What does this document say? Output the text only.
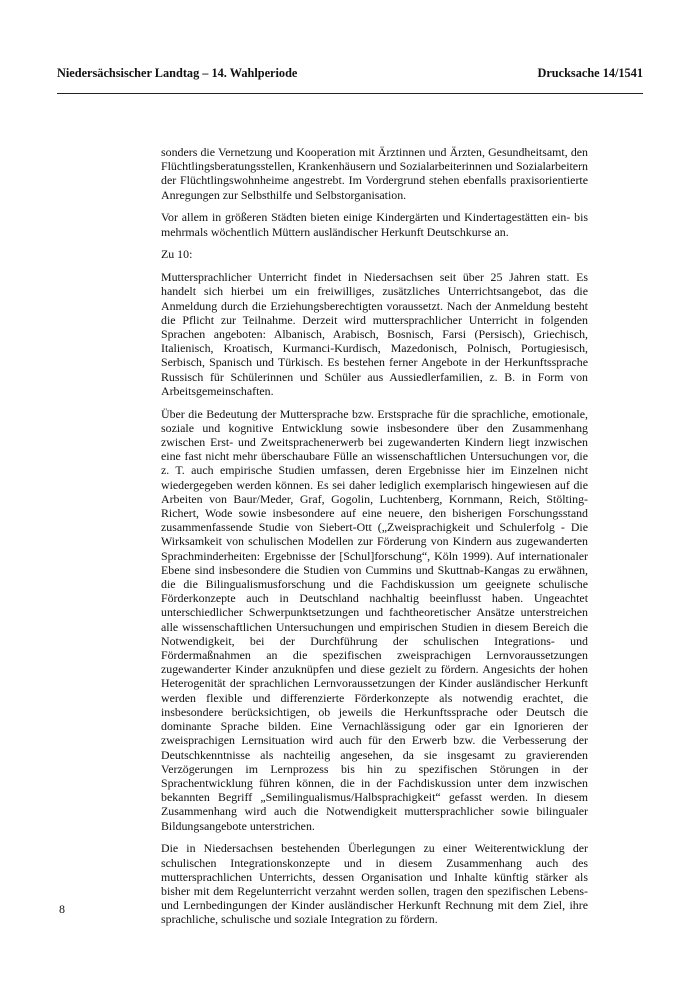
Niedersächsischer Landtag – 14. Wahlperiode	Drucksache 14/1541

sonders die Vernetzung und Kooperation mit Ärztinnen und Ärzten, Gesundheitsamt, den Flüchtlingsberatungsstellen, Krankenhäusern und Sozialarbeiterinnen und Sozialarbeitern der Flüchtlingswohnheime angestrebt. Im Vordergrund stehen ebenfalls praxisorientierte Anregungen zur Selbsthilfe und Selbstorganisation.

Vor allem in größeren Städten bieten einige Kindergärten und Kindertagestätten ein- bis mehrmals wöchentlich Müttern ausländischer Herkunft Deutschkurse an.

Zu 10:

Muttersprachlicher Unterricht findet in Niedersachsen seit über 25 Jahren statt. Es handelt sich hierbei um ein freiwilliges, zusätzliches Unterrichtsangebot, das die Anmeldung durch die Erziehungsberechtigten voraussetzt. Nach der Anmeldung besteht die Pflicht zur Teilnahme. Derzeit wird muttersprachlicher Unterricht in folgenden Sprachen angeboten: Albanisch, Arabisch, Bosnisch, Farsi (Persisch), Griechisch, Italienisch, Kroatisch, Kurmanci-Kurdisch, Mazedonisch, Polnisch, Portugiesisch, Serbisch, Spanisch und Türkisch. Es bestehen ferner Angebote in der Herkunftssprache Russisch für Schülerinnen und Schüler aus Aussiedlerfamilien, z. B. in Form von Arbeitsgemeinschaften.

Über die Bedeutung der Muttersprache bzw. Erstsprache für die sprachliche, emotionale, soziale und kognitive Entwicklung sowie insbesondere über den Zusammenhang zwischen Erst- und Zweitsprachenerwerb bei zugewanderten Kindern liegt inzwischen eine fast nicht mehr überschaubare Fülle an wissenschaftlichen Untersuchungen vor, die z. T. auch empirische Studien umfassen, deren Ergebnisse hier im Einzelnen nicht wiedergegeben werden können. Es sei daher lediglich exemplarisch hingewiesen auf die Arbeiten von Baur/Meder, Graf, Gogolin, Luchtenberg, Kornmann, Reich, Stölting-Richert, Wode sowie insbesondere auf eine neuere, den bisherigen Forschungsstand zusammenfassende Studie von Siebert-Ott („Zweisprachigkeit und Schulerfolg - Die Wirksamkeit von schulischen Modellen zur Förderung von Kindern aus zugewanderten Sprachminderheiten: Ergebnisse der [Schul]forschung“, Köln 1999). Auf internationaler Ebene sind insbesondere die Studien von Cummins und Skuttnab-Kangas zu erwähnen, die die Bilingualismusforschung und die Fachdiskussion um geeignete schulische Förderkonzepte auch in Deutschland nachhaltig beeinflusst haben. Ungeachtet unterschiedlicher Schwerpunktsetzungen und fachtheoretischer Ansätze unterstreichen alle wissenschaftlichen Untersuchungen und empirischen Studien in diesem Bereich die Notwendigkeit, bei der Durchführung der schulischen Integrations- und Fördermaßnahmen an die spezifischen zweisprachigen Lernvoraussetzungen zugewanderter Kinder anzuknüpfen und diese gezielt zu fördern. Angesichts der hohen Heterogenität der sprachlichen Lernvoraussetzungen der Kinder ausländischer Herkunft werden flexible und differenzierte Förderkonzepte als notwendig erachtet, die insbesondere berücksichtigen, ob jeweils die Herkunftssprache oder Deutsch die dominante Sprache bilden. Eine Vernachlässigung oder gar ein Ignorieren der zweisprachigen Lernsituation wird auch für den Erwerb bzw. die Verbesserung der Deutschkenntnisse als nachteilig angesehen, da sie insgesamt zu gravierenden Verzögerungen im Lernprozess bis hin zu spezifischen Störungen in der Sprachentwicklung führen können, die in der Fachdiskussion unter dem inzwischen bekannten Begriff „Semilingualismus/Halbsprachigkeit“ gefasst werden. In diesem Zusammenhang wird auch die Notwendigkeit muttersprachlicher sowie bilingualer Bildungsangebote unterstrichen.

Die in Niedersachsen bestehenden Überlegungen zu einer Weiterentwicklung der schulischen Integrationskonzepte und in diesem Zusammenhang auch des muttersprachlichen Unterrichts, dessen Organisation und Inhalte künftig stärker als bisher mit dem Regelunterricht verzahnt werden sollen, tragen den spezifischen Lebens- und Lernbedingungen der Kinder ausländischer Herkunft Rechnung mit dem Ziel, ihre sprachliche, schulische und soziale Integration zu fördern.

8
